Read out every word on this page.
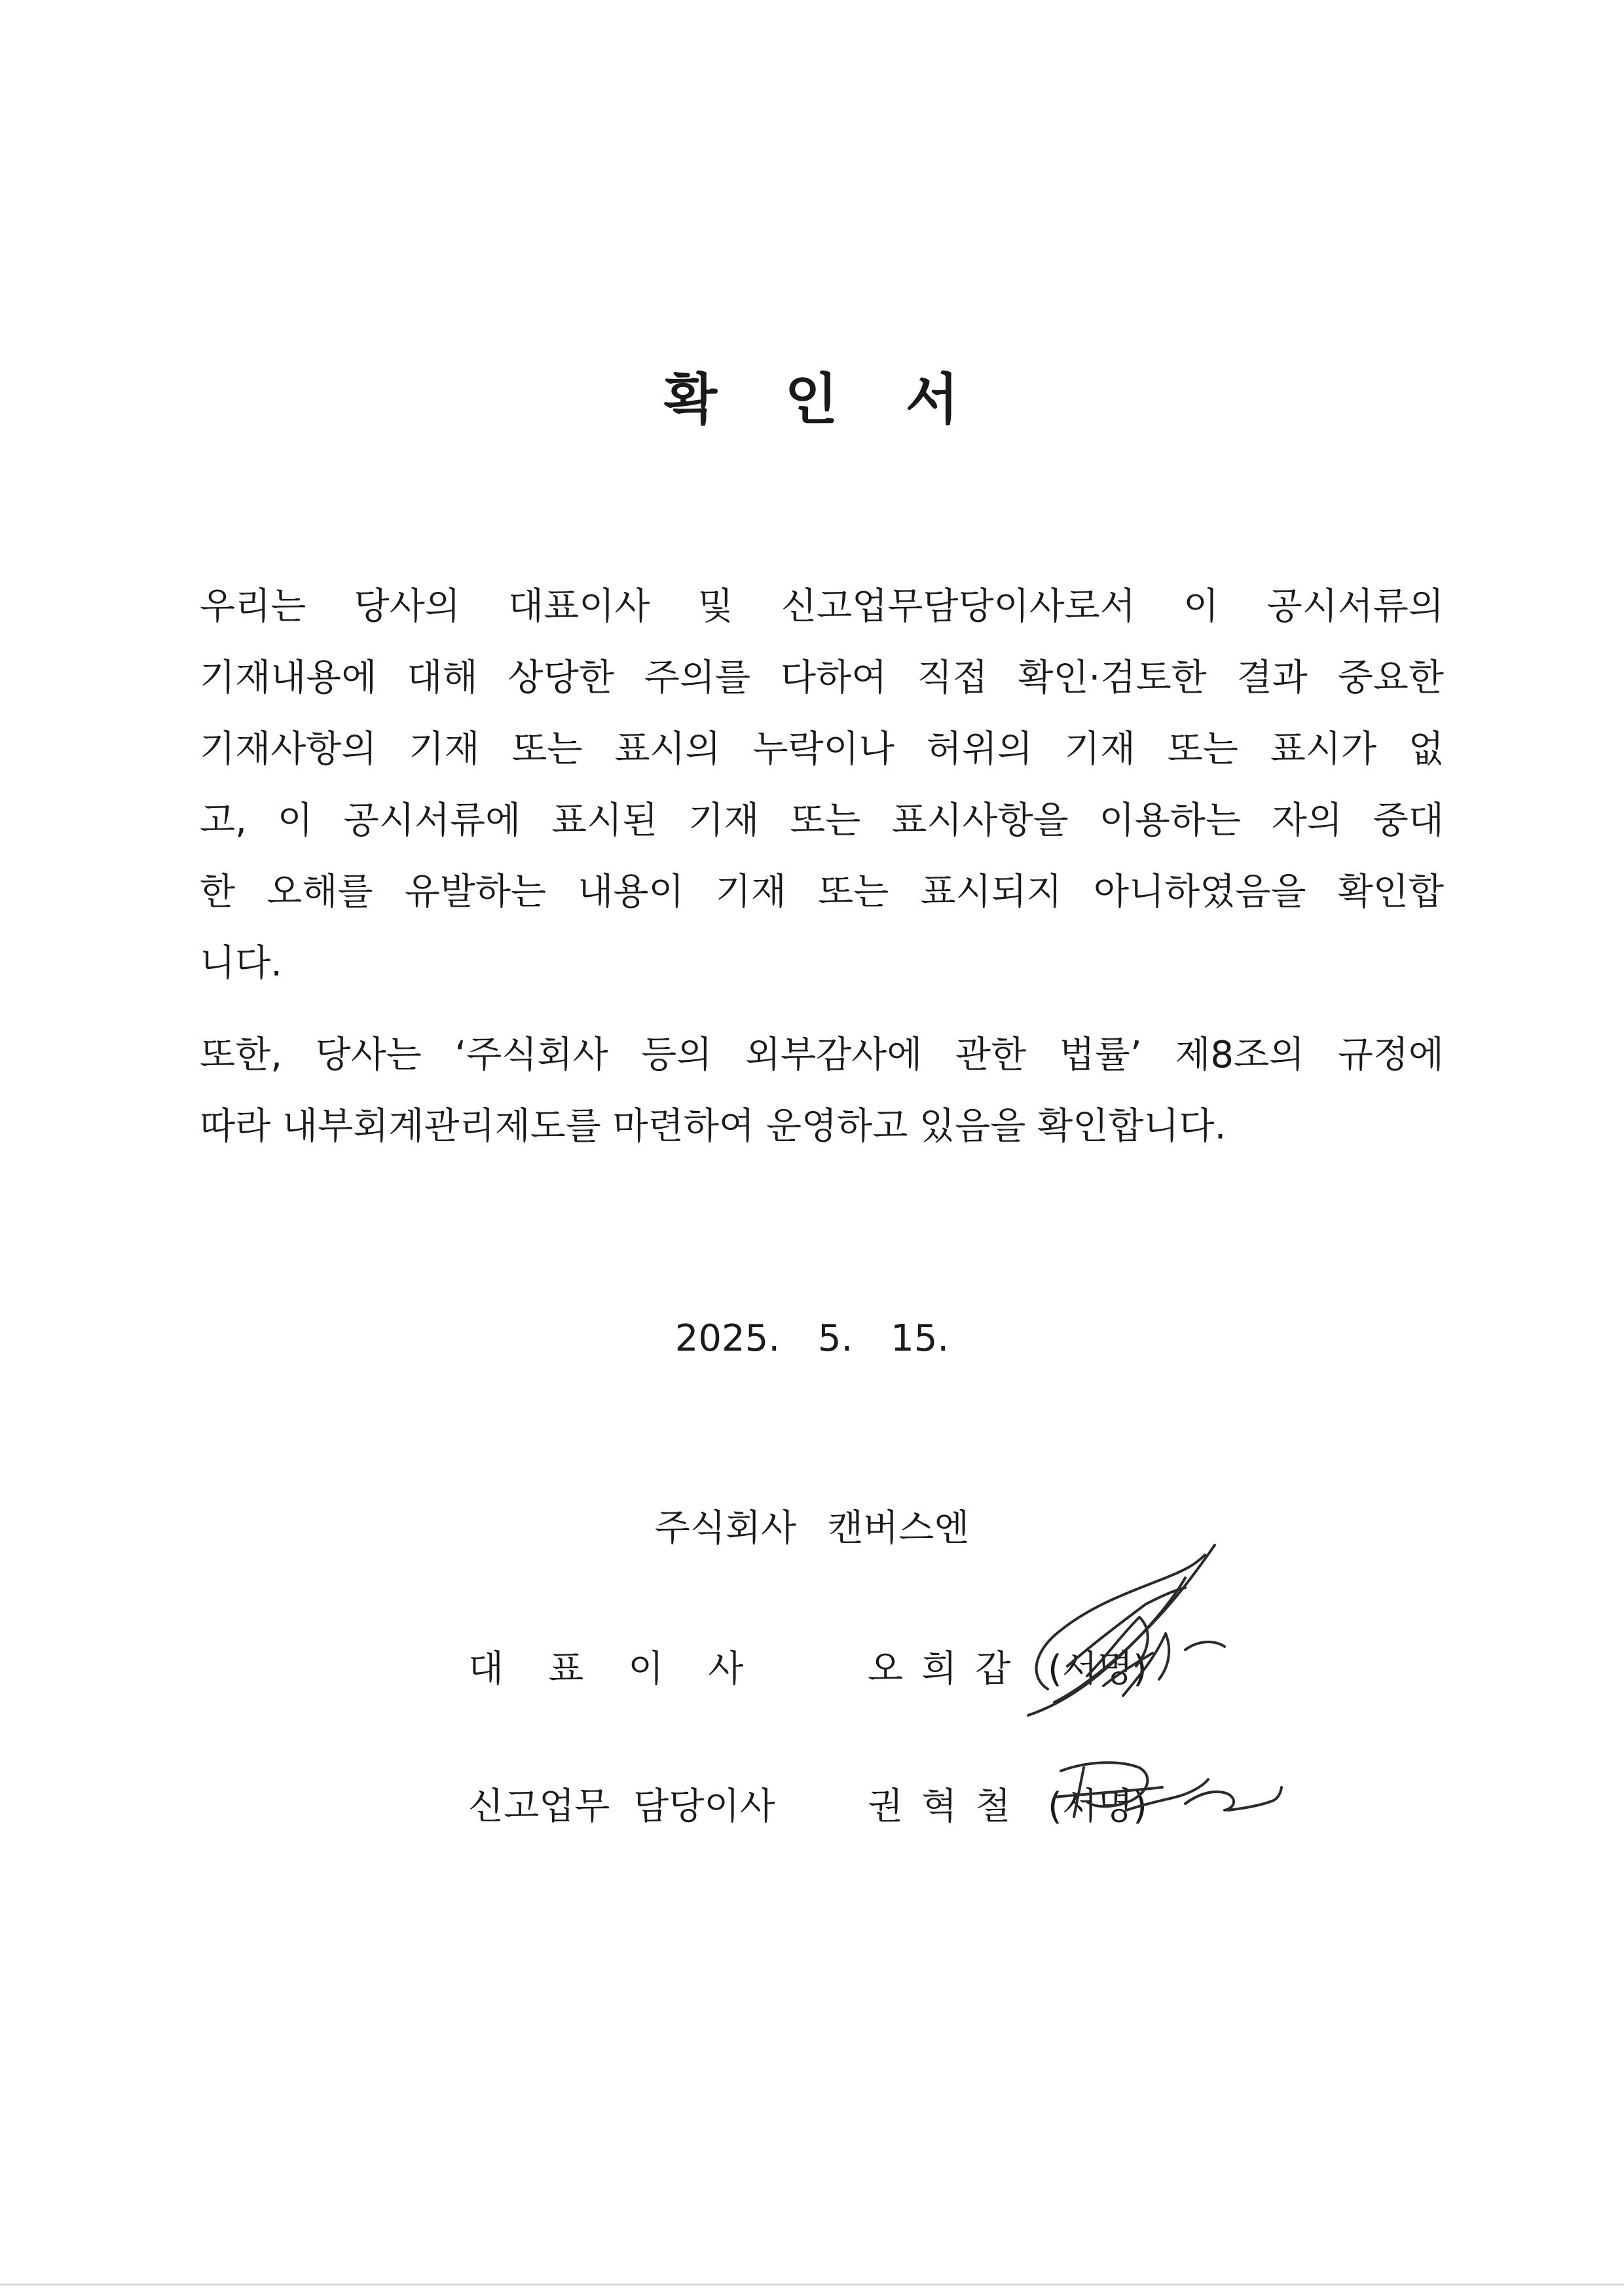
확 인 서
우리는 당사의 대표이사 및 신고업무담당이사로서 이 공시서류의
기재내용에 대해 상당한 주의를 다하여 직접 확인·검토한 결과 중요한
기재사항의 기재 또는 표시의 누락이나 허위의 기재 또는 표시가 없
고, 이 공시서류에 표시된 기재 또는 표시사항을 이용하는 자의 중대
한 오해를 유발하는 내용이 기재 또는 표시되지 아니하였음을 확인합
니다.
또한, 당사는 ‘주식회사 등의 외부감사에 관한 법률’ 제8조의 규정에
따라 내부회계관리제도를 마련하여 운영하고 있음을 확인합니다.
2025. 5. 15.
주식회사 캔버스엔
대표이사 오희갑 (서명)
신고업무 담당이사	권혁철 (서명)
